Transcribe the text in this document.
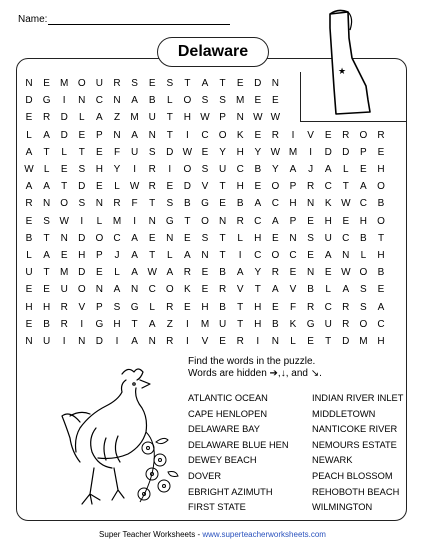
Name:
Delaware
★
N	E	M O	U	R	S	E	S	T	A	T	E	D	N
D	G	I	N	C	N	A	B	L	O	S	S	M	E	E
E	R	D	L	A	Z	M U	T	H W P	N W W
L	A	D	E	P	N	A	N	T	I	C	O	K	E	R	I	V	E	R	O	R
A	T	L	T	E	F	U	S	D W E	Y	H	Y W M	I	D	D	P	E
W	L	E	S	H	Y	I	R	I	O	S	U	C	B	Y	A	J	A	L	E	H
A	A	T	D	E	L	W R	E	D	V	T	H	E	O	P	R	C	T	A	O
R	N	O	S	N	R	F	T	S	B	G	E	B	A	C	H	N	K W C	B
E	S W	I	L	M	I	N	G	T	O	N	R	C	A	P	E	H	E	H	O
B	T	N	D	O	C	A	E	N	E	S	T	L	H	E	N	S	U	C	B	T
L	A	E	H	P	J	A	T	L	A	N	T	I	C	O	C	E	A	N	L	H
U	T	M D	E	L	A W A	R	E	B	A	Y	R	E	N	E W O	B
E	E	U	O	N	A	N	C	O	K	E	R	V	T	A	V	B	L	A	S	E
H	H	R	V	P	S	G	L	R	E	H	B	T	H	E	F	R	C	R	S	A
E	B	R	I	G	H	T	A	Z	I	M U	T	H	B	K	G	U	R	O	C
N	U	I	N	D	I	A	N	R	I	V	E	R	I	N	L	E	T	D M H
Find the words in the puzzle.
Words are hidden ➔,↓, and ↘.
ATLANTIC OCEAN
CAPE HENLOPEN
DELAWARE BAY
DELAWARE BLUE HEN
DEWEY BEACH
DOVER
EBRIGHT AZIMUTH
FIRST STATE
INDIAN RIVER INLET
MIDDLETOWN
NANTICOKE RIVER
NEMOURS ESTATE
NEWARK
PEACH BLOSSOM
REHOBOTH BEACH
WILMINGTON
Super Teacher Worksheets - www.superteacherworksheets.com
